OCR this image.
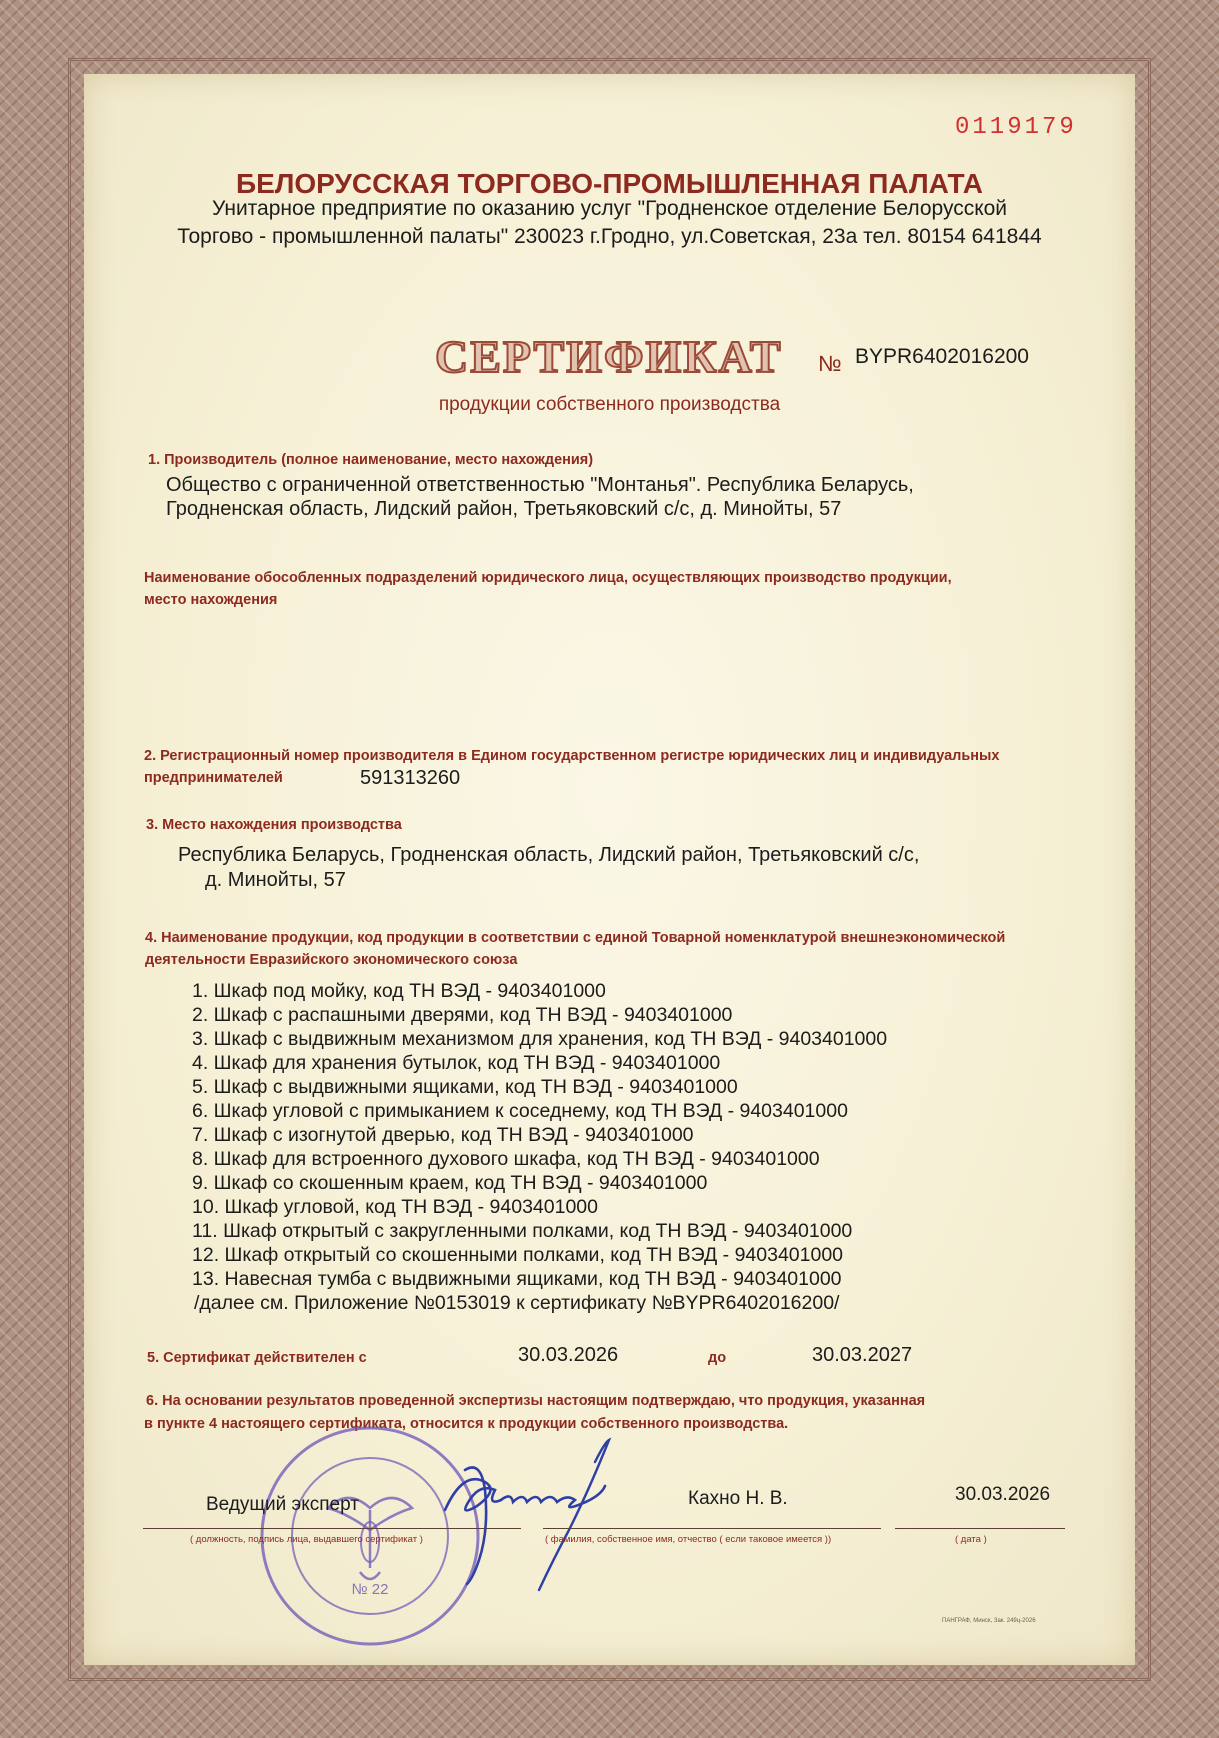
0119179
БЕЛОРУССКАЯ ТОРГОВО-ПРОМЫШЛЕННАЯ ПАЛАТА
Унитарное предприятие по оказанию услуг "Гродненское отделение Белорусской
Торгово - промышленной палаты" 230023 г.Гродно, ул.Советская, 23а тел. 80154 641844
СЕРТИФИКАТ № BYPR6402016200
продукции собственного производства
1. Производитель (полное наименование, место нахождения)
Общество с ограниченной ответственностью "Монтанья". Республика Беларусь,
Гродненская область, Лидский район, Третьяковский с/с, д. Минойты, 57
Наименование обособленных подразделений юридического лица, осуществляющих производство продукции,
место нахождения
2. Регистрационный номер производителя в Едином государственном регистре юридических лиц и индивидуальных
предпринимателей	591313260
3. Место нахождения производства
Республика Беларусь, Гродненская область, Лидский район, Третьяковский с/с,
д. Минойты, 57
4. Наименование продукции, код продукции в соответствии с единой Товарной номенклатурой внешнеэкономической
деятельности Евразийского экономического союза
1. Шкаф под мойку, код ТН ВЭД - 9403401000
2. Шкаф с распашными дверями, код ТН ВЭД - 9403401000
3. Шкаф с выдвижным механизмом для хранения, код ТН ВЭД - 9403401000
4. Шкаф для хранения бутылок, код ТН ВЭД - 9403401000
5. Шкаф с выдвижными ящиками, код ТН ВЭД - 9403401000
6. Шкаф угловой с примыканием к соседнему, код ТН ВЭД - 9403401000
7. Шкаф с изогнутой дверью, код ТН ВЭД - 9403401000
8. Шкаф для встроенного духового шкафа, код ТН ВЭД - 9403401000
9. Шкаф со скошенным краем, код ТН ВЭД - 9403401000
10. Шкаф угловой, код ТН ВЭД - 9403401000
11. Шкаф открытый с закругленными полками, код ТН ВЭД - 9403401000
12. Шкаф открытый со скошенными полками, код ТН ВЭД - 9403401000
13. Навесная тумба с выдвижными ящиками, код ТН ВЭД - 9403401000
/далее см. Приложение №0153019 к сертификату №BYPR6402016200/
5. Сертификат действителен с	30.03.2026	до	30.03.2027
6. На основании результатов проведенной экспертизы настоящим подтверждаю, что продукция, указанная
в пункте 4 настоящего сертификата, относится к продукции собственного производства.
№ 22
Ведущий эксперт	Кахно Н. В.	30.03.2026
( должность, подпись лица, выдавшего сертификат )	( фамилия, собственное имя, отчество ( если таковое имеется ))	( дата )
ПАНГРАФ, Минск, Зак. 249ц-2026
